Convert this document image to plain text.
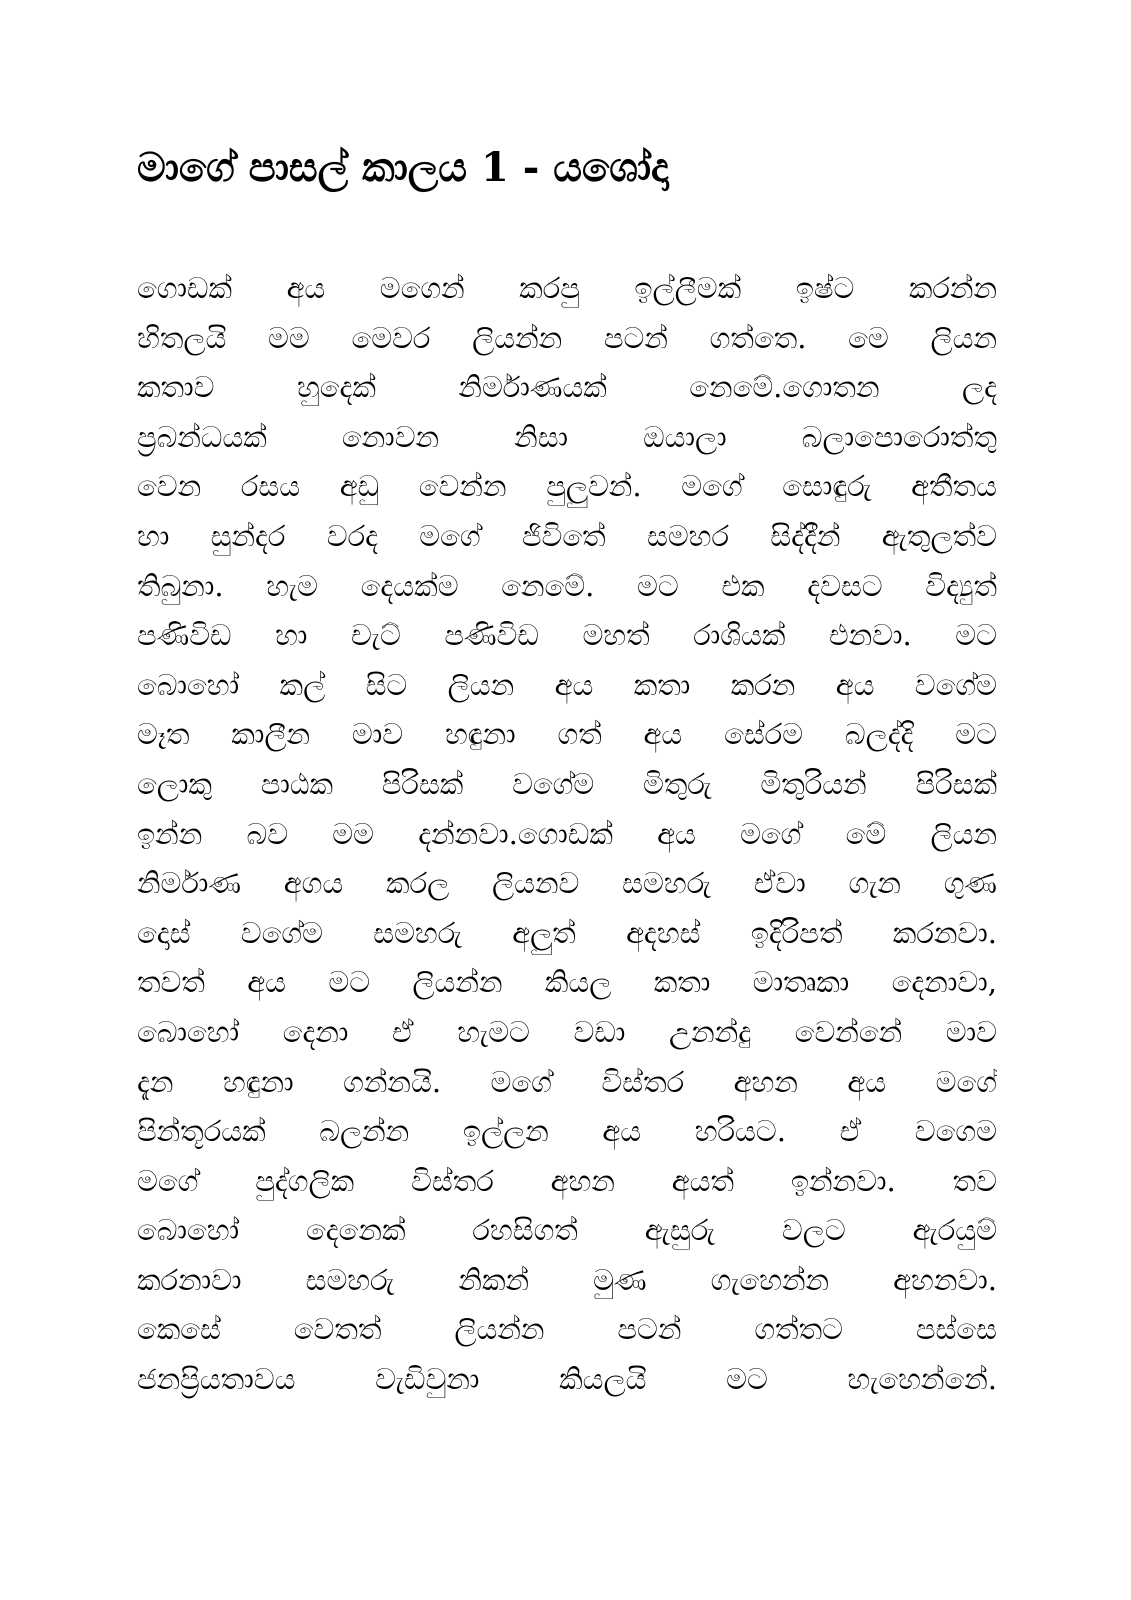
මාගේ පාසල් කාලය 1 - යශෝදා
ගොඩක් අය මගෙන් කරපු ඉල්ලීමක් ඉෂ්ට කරන්න
හිතලයි මම මෙවර ලියන්න පටන් ගත්තෙ. මෙ ලියන
කතාව හුදෙක් නිර්මාණයක් නෙමේ.ගොතන ලද
ප්‍රබන්ධයක් නොවන නිසා ඔයාලා බලාපොරොත්තු
වෙන රසය අඩු වෙන්න පුලුවන්. මගේ සොඳුරු අතීතය
හා සුන්දර වරද මගේ ජිවිතේ සමහර සිද්දීන් ඇතුලත්ව
තිබුනා. හැම දෙයක්ම නෙමේ. මට එක දවසට විද්‍යුත්
පණිවිඩ හා චැට් පණිවිඩ මහත් රාශියක් එනවා. මට
බොහෝ කල් සිට ලියන අය කතා කරන අය වගේම
මෑත කාලීන මාව හඳුනා ගත් අය සේරම බලද්දි මට
ලොකු පාඨක පිරිසක් වගේම මිතුරු මිතුරියන් පිරිසක්
ඉන්න බව මම දන්නවා.ගොඩක් අය මගේ මේ ලියන
නිර්මාණ අගය කරල ලියනව සමහරු ඒවා ගැන ගුණ
දොස් වගේම සමහරු අලුත් අදහස් ඉදිරිපත් කරනවා.
තවත් අය මට ලියන්න කියල කතා මාතෘකා දෙනාවා,
බොහෝ දෙනා ඒ හැමට වඩා උනන්දු වෙන්නේ මාව
දැන හඳුනා ගන්නයි. මගේ විස්තර අහන අය මගේ
පින්තූරයක් බලන්න ඉල්ලන අය හරියට. ඒ වගෙම
මගේ පුද්ගලික විස්තර අහන අයත් ඉන්නවා. තව
බොහෝ දෙනෙක් රහසිගත් ඇසුරු වලට ඇරයුම්
කරනාවා සමහරු නිකන් මුණ ගැහෙන්න අහනවා.
කෙසේ වෙතත් ලියන්න පටන් ගත්තට පස්සෙ
ජනප්‍රියතාවය වැඩිවුනා කියලයි මට හැහෙන්නේ.
